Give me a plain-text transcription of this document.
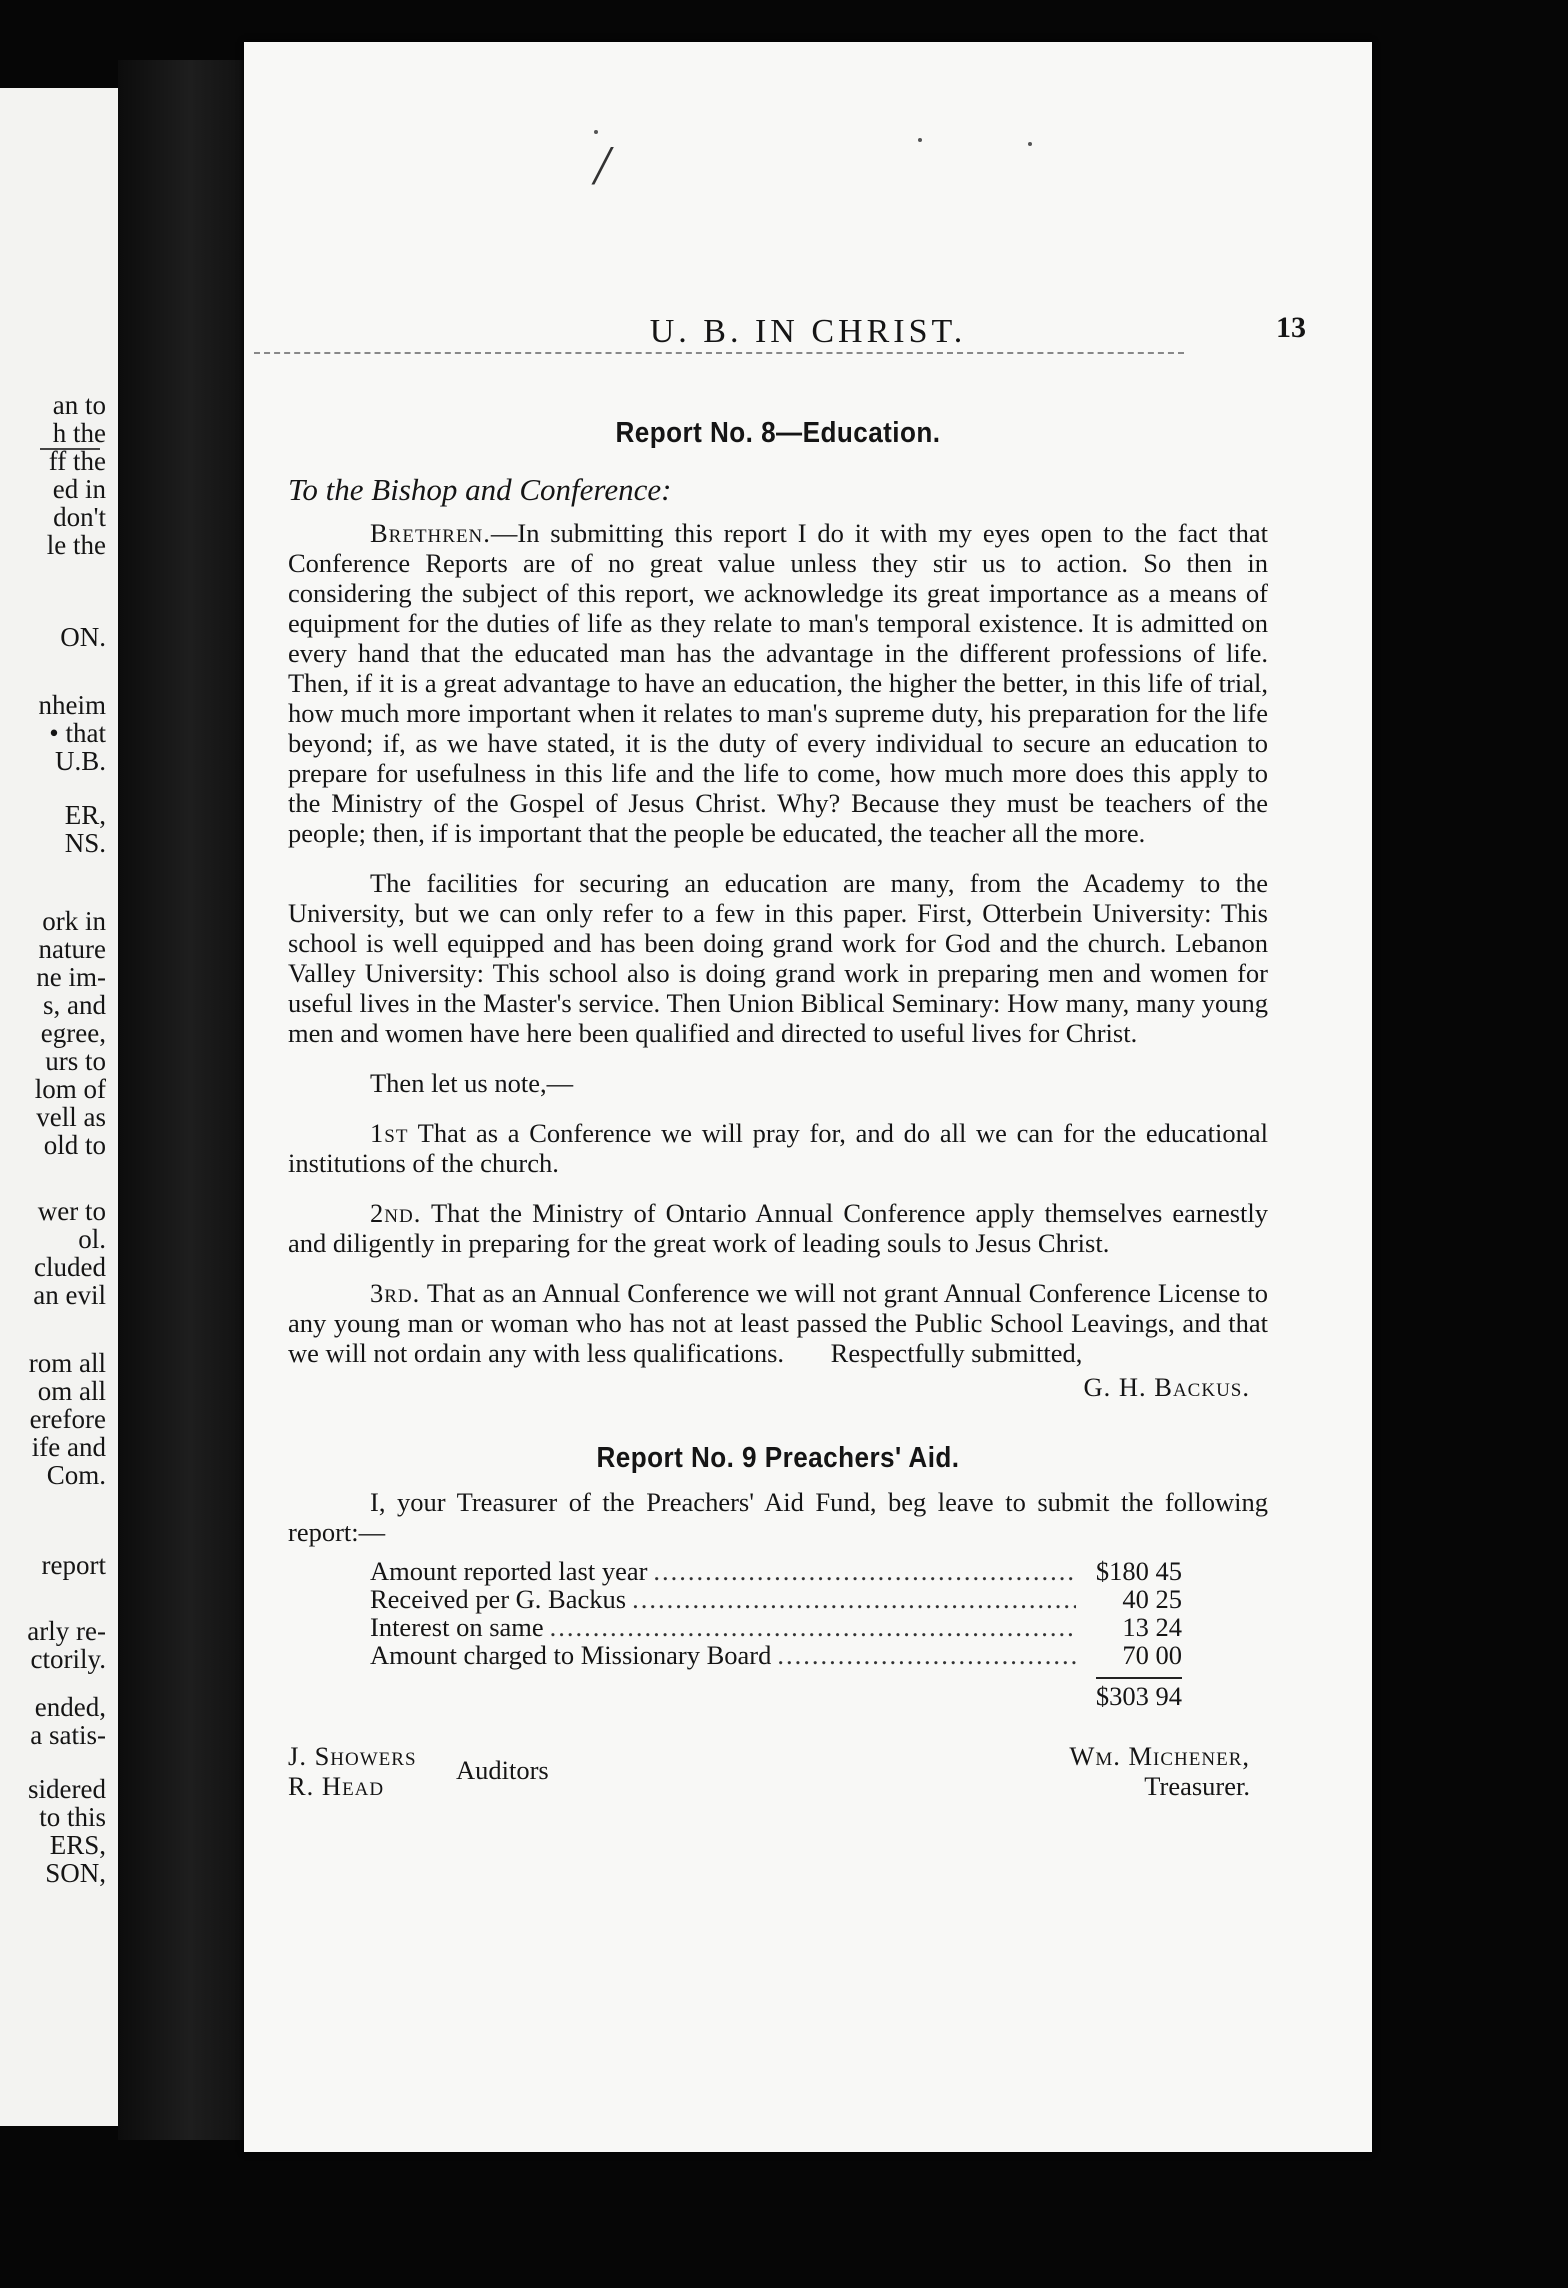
an to
h the
ff the
ed in
don't
le the
ON.
nheim
• that
U.B.
ER,
NS.
ork in
nature
ne im-
s, and
egree,
urs to
lom of
vell as
old to
wer to
ol.
cluded
an evil
rom all
om all
erefore
ife and
Com.
report
arly re-
ctorily.
ended,
a satis-
sidered
to this
ERS,
SON,
/
U. B. IN CHRIST.	13
Report No. 8—Education.
To the Bishop and Conference:

Brethren.—In submitting this report I do it with my eyes open to the fact that Conference Reports are of no great value unless they stir us to action. So then in considering the subject of this report, we acknowledge its great importance as a means of equipment for the duties of life as they relate to man's temporal existence. It is admitted on every hand that the educated man has the advantage in the different professions of life. Then, if it is a great advantage to have an education, the higher the better, in this life of trial, how much more important when it relates to man's supreme duty, his preparation for the life beyond; if, as we have stated, it is the duty of every individual to secure an education to prepare for usefulness in this life and the life to come, how much more does this apply to the Ministry of the Gospel of Jesus Christ. Why? Because they must be teachers of the people; then, if is important that the people be educated, the teacher all the more.

The facilities for securing an education are many, from the Academy to the University, but we can only refer to a few in this paper. First, Otterbein University: This school is well equipped and has been doing grand work for God and the church. Lebanon Valley University: This school also is doing grand work in preparing men and women for useful lives in the Master's service. Then Union Biblical Seminary: How many, many young men and women have here been qualified and directed to useful lives for Christ.

Then let us note,—

1st That as a Conference we will pray for, and do all we can for the educational institutions of the church.

2nd. That the Ministry of Ontario Annual Conference apply themselves earnestly and diligently in preparing for the great work of leading souls to Jesus Christ.

3rd. That as an Annual Conference we will not grant Annual Conference License to any young man or woman who has not at least passed the Public School Leavings, and that we will not ordain any with less qualifications. Respectfully submitted,

G. H. Backus.
Report No. 9 Preachers' Aid.

I, your Treasurer of the Preachers' Aid Fund, beg leave to submit the following report:—

Amount reported last year .....	$180 45
Received per G. Backus .....	40 25
Interest on same .....	13 24
Amount charged to Missionary Board .....	70 00
$303 94
J. Showers
R. Head
Auditors	Wm. Michener,
Treasurer.
